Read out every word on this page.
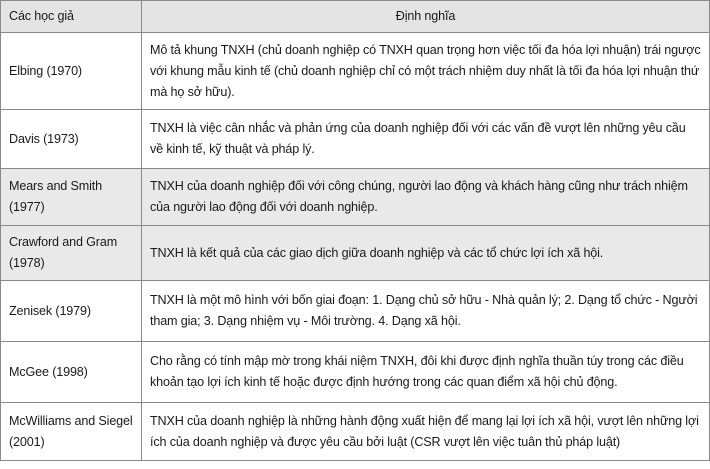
Các học giả	Định nghĩa
Elbing (1970)	Mô tả khung TNXH (chủ doanh nghiệp có TNXH quan trọng hơn việc tối đa hóa lợi nhuận) trái ngược với khung mẫu kinh tế (chủ doanh nghiệp chỉ có một trách nhiệm duy nhất là tối đa hóa lợi nhuận thứ mà họ sở hữu).
Davis (1973)	TNXH là việc cân nhắc và phản ứng của doanh nghiệp đối với các vấn đề vượt lên những yêu cầu về kinh tế, kỹ thuật và pháp lý.
Mears and Smith (1977)	TNXH của doanh nghiệp đối với công chúng, người lao động và khách hàng cũng như trách nhiệm của người lao động đối với doanh nghiệp.
Crawford and Gram (1978)	TNXH là kết quả của các giao dịch giữa doanh nghiệp và các tổ chức lợi ích xã hội.
Zenisek (1979)	TNXH là một mô hình với bốn giai đoạn: 1. Dạng chủ sở hữu - Nhà quản lý; 2. Dạng tổ chức - Người tham gia; 3. Dạng nhiệm vụ - Môi trường. 4. Dạng xã hội.
McGee (1998)	Cho rằng có tính mập mờ trong khái niệm TNXH, đôi khi được định nghĩa thuần túy trong các điều khoản tạo lợi ích kinh tế hoặc được định hướng trong các quan điểm xã hội chủ động.
McWilliams and Siegel (2001)	TNXH của doanh nghiệp là những hành động xuất hiện để mang lại lợi ích xã hội, vượt lên những lợi ích của doanh nghiệp và được yêu cầu bởi luật (CSR vượt lên việc tuân thủ pháp luật)
